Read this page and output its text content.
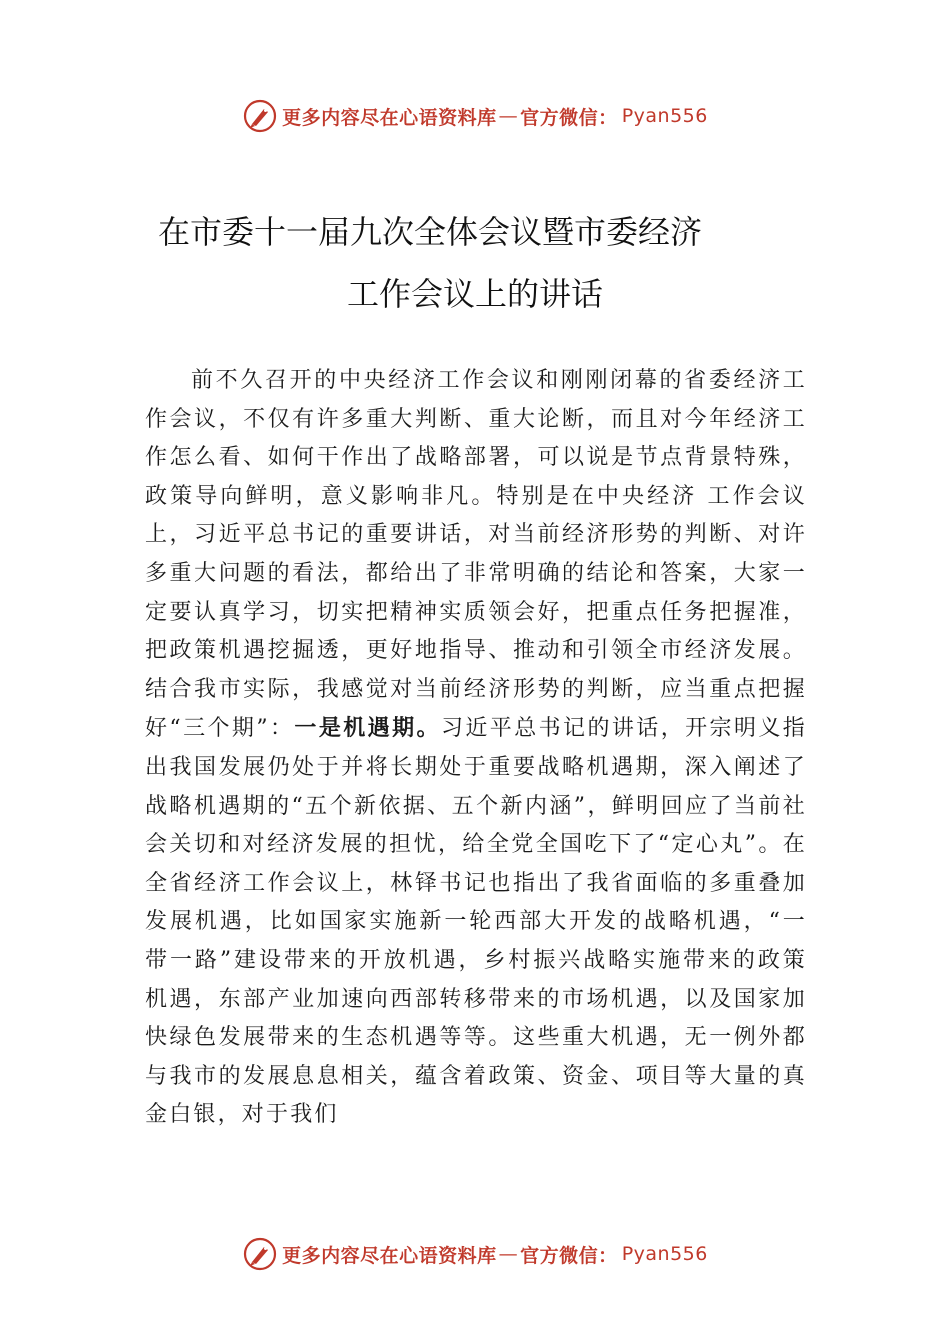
更多内容尽在心语资料库 — 官方微信： Pyan556
在市委十一届九次全体会议暨市委经济
工作会议上的讲话

前不久召开的中央经济工作会议和刚刚闭幕的省委经济工作会议，不仅有许多重大判断、重大论断，而且对今年经济工作怎么看、如何干作出了战略部署，可以说是节点背景特殊，政策导向鲜明，意义影响非凡。特别是在中央经济 工作会议上，习近平总书记的重要讲话，对当前经济形势的判断、对许多重大问题的看法，都给出了非常明确的结论和答案，大家一定要认真学习，切实把精神实质领会好，把重点任务把握准，把政策机遇挖掘透，更好地指导、推动和引领全市经济发展。结合我市实际，我感觉对当前经济形势的判断，应当重点把握好“三个期”：一是机遇期。习近平总书记的讲话，开宗明义指出我国发展仍处于并将长期处于重要战略机遇期，深入阐述了战略机遇期的“五个新依据、五个新内涵”，鲜明回应了当前社会关切和对经济发展的担忧，给全党全国吃下了“定心丸”。在全省经济工作会议上，林铎书记也指出了我省面临的多重叠加发展机遇，比如国家实施新一轮西部大开发的战略机遇，“一带一路”建设带来的开放机遇，乡村振兴战略实施带来的政策机遇，东部产业加速向西部转移带来的市场机遇，以及国家加快绿色发展带来的生态机遇等等。这些重大机遇，无一例外都与我市的发展息息相关，蕴含着政策、资金、项目等大量的真金白银，对于我们

更多内容尽在心语资料库 — 官方微信： Pyan556
